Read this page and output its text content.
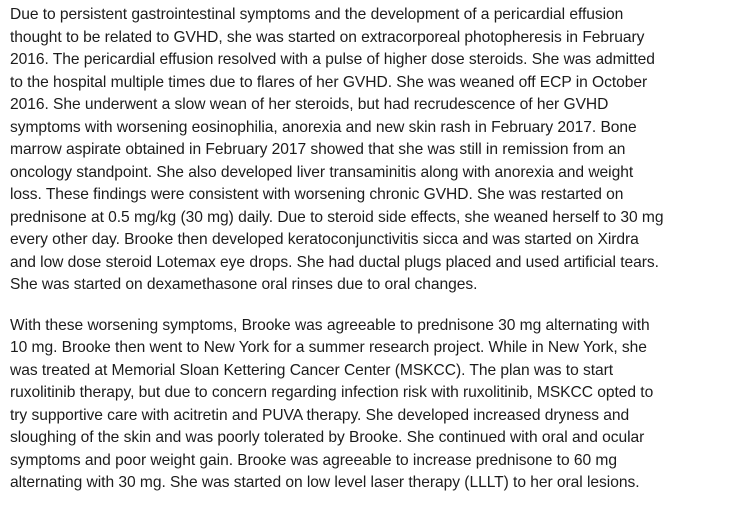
Due to persistent gastrointestinal symptoms and the development of a pericardial effusion
thought to be related to GVHD, she was started on extracorporeal photopheresis in February
2016. The pericardial effusion resolved with a pulse of higher dose steroids. She was admitted
to the hospital multiple times due to flares of her GVHD. She was weaned off ECP in October
2016. She underwent a slow wean of her steroids, but had recrudescence of her GVHD
symptoms with worsening eosinophilia, anorexia and new skin rash in February 2017. Bone
marrow aspirate obtained in February 2017 showed that she was still in remission from an
oncology standpoint. She also developed liver transaminitis along with anorexia and weight
loss. These findings were consistent with worsening chronic GVHD. She was restarted on
prednisone at 0.5 mg/kg (30 mg) daily. Due to steroid side effects, she weaned herself to 30 mg
every other day. Brooke then developed keratoconjunctivitis sicca and was started on Xirdra
and low dose steroid Lotemax eye drops. She had ductal plugs placed and used artificial tears.
She was started on dexamethasone oral rinses due to oral changes.
With these worsening symptoms, Brooke was agreeable to prednisone 30 mg alternating with
10 mg. Brooke then went to New York for a summer research project. While in New York, she
was treated at Memorial Sloan Kettering Cancer Center (MSKCC). The plan was to start
ruxolitinib therapy, but due to concern regarding infection risk with ruxolitinib, MSKCC opted to
try supportive care with acitretin and PUVA therapy. She developed increased dryness and
sloughing of the skin and was poorly tolerated by Brooke. She continued with oral and ocular
symptoms and poor weight gain. Brooke was agreeable to increase prednisone to 60 mg
alternating with 30 mg. She was started on low level laser therapy (LLLT) to her oral lesions.
